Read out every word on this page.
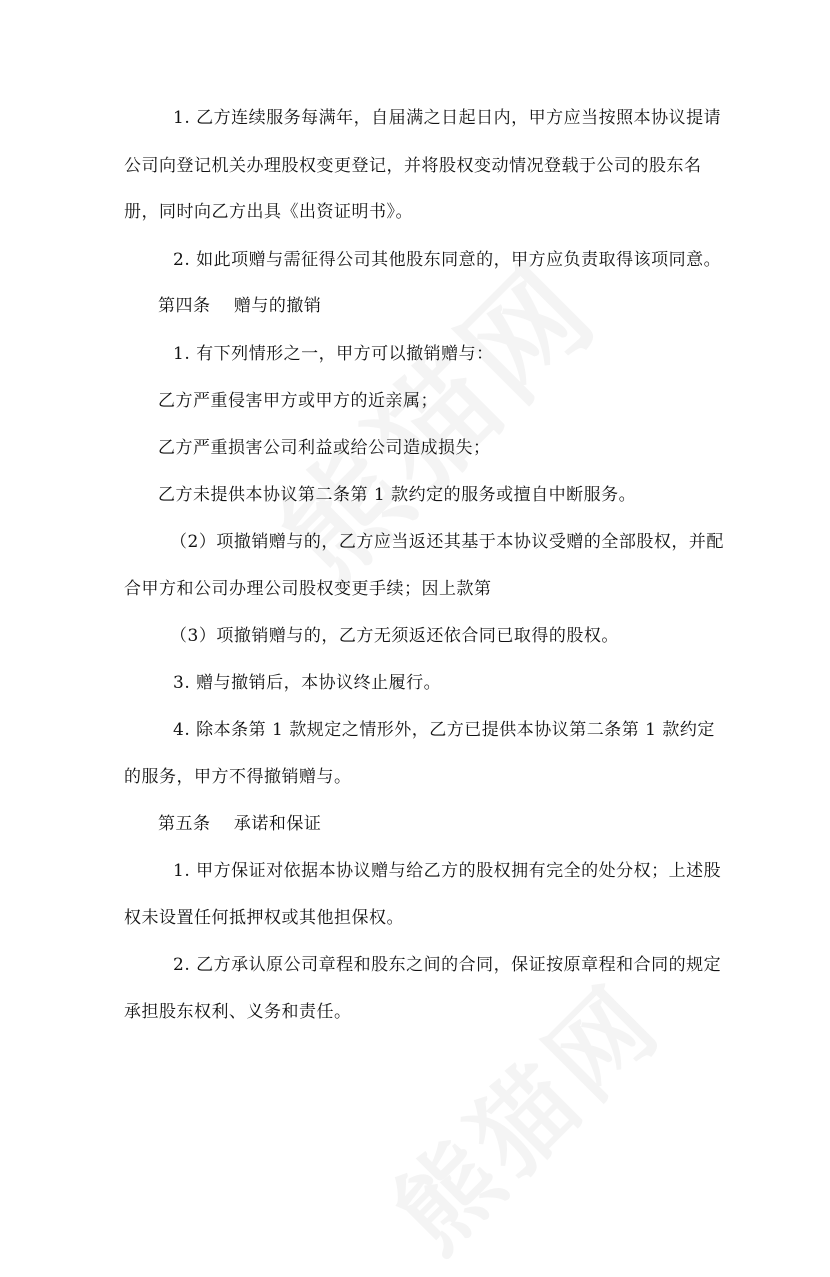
1. 乙方连续服务每满年，自届满之日起日内，甲方应当按照本协议提请
公司向登记机关办理股权变更登记，并将股权变动情况登载于公司的股东名
册，同时向乙方出具《出资证明书》。
2. 如此项赠与需征得公司其他股东同意的，甲方应负责取得该项同意。
第四条　 赠与的撤销
1. 有下列情形之一，甲方可以撤销赠与：
乙方严重侵害甲方或甲方的近亲属；
乙方严重损害公司利益或给公司造成损失；
乙方未提供本协议第二条第 1 款约定的服务或擅自中断服务。
（2）项撤销赠与的，乙方应当返还其基于本协议受赠的全部股权，并配
合甲方和公司办理公司股权变更手续；因上款第
（3）项撤销赠与的，乙方无须返还依合同已取得的股权。
3. 赠与撤销后，本协议终止履行。
4. 除本条第 1 款规定之情形外，乙方已提供本协议第二条第 1 款约定
的服务，甲方不得撤销赠与。
第五条　 承诺和保证
1. 甲方保证对依据本协议赠与给乙方的股权拥有完全的处分权；上述股
权未设置任何抵押权或其他担保权。
2. 乙方承认原公司章程和股东之间的合同，保证按原章程和合同的规定
承担股东权利、义务和责任。
